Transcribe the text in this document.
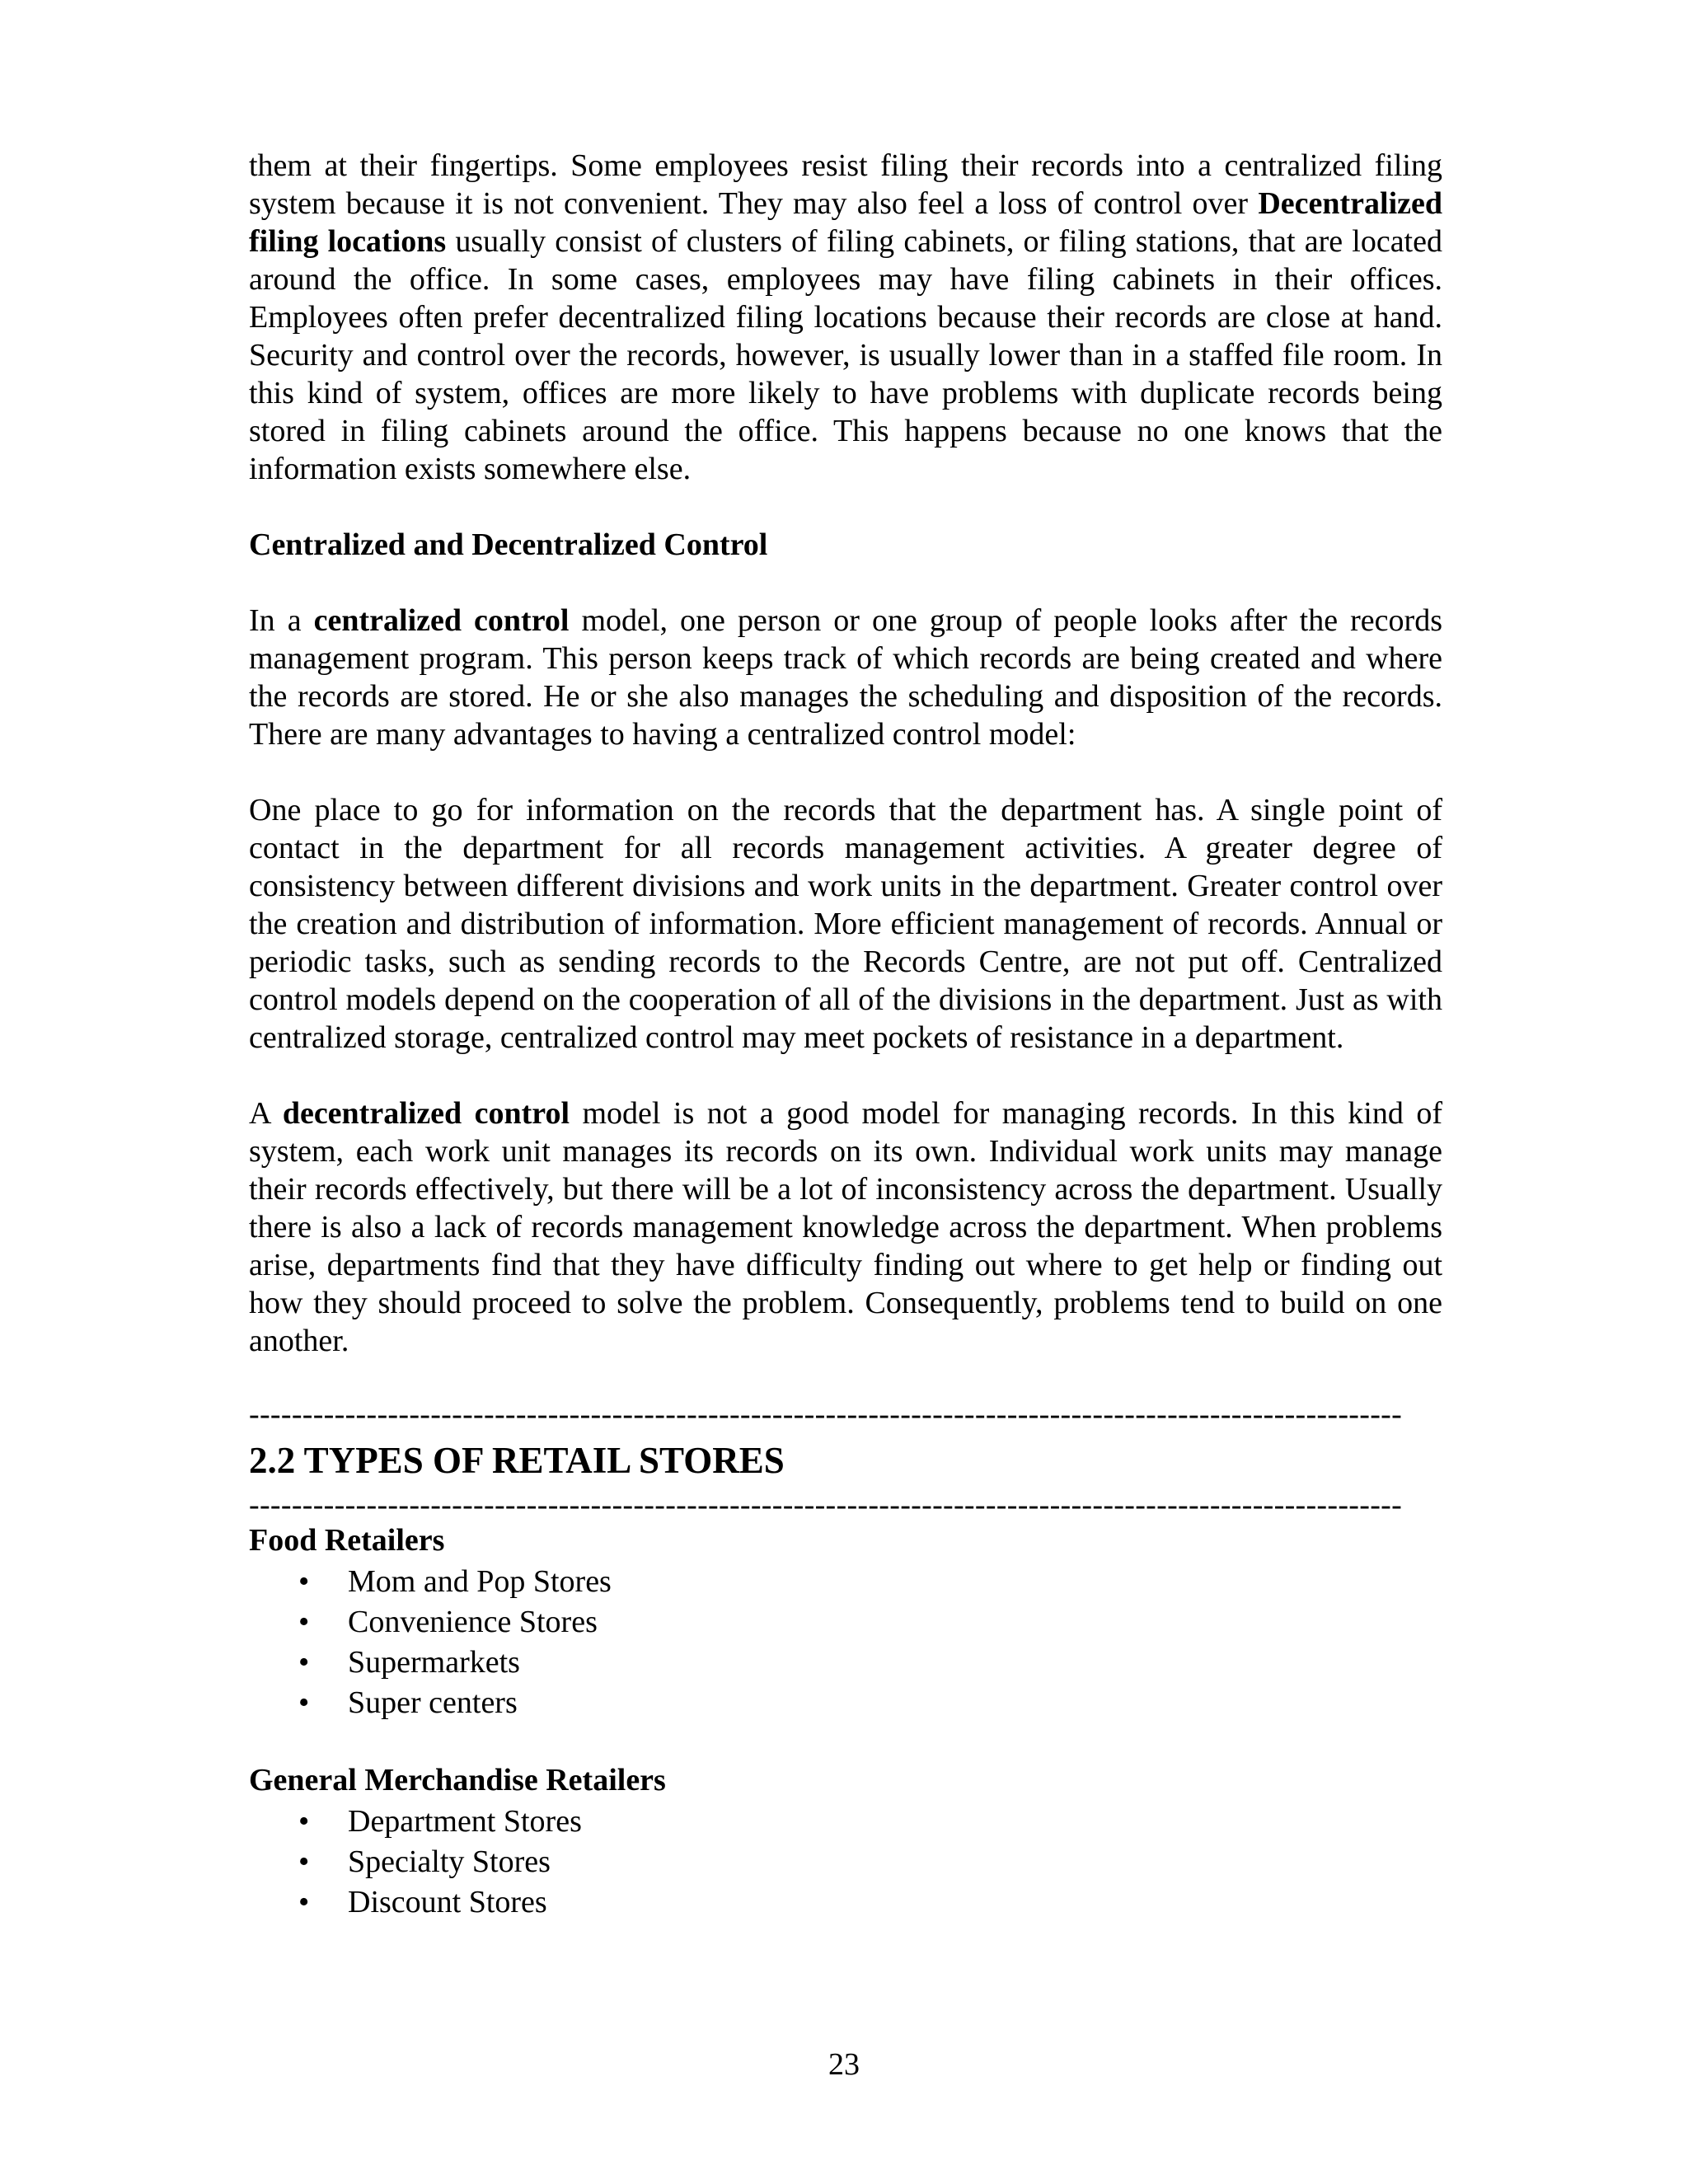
them at their fingertips. Some employees resist filing their records into a centralized filing system because it is not convenient. They may also feel a loss of control over Decentralized filing locations usually consist of clusters of filing cabinets, or filing stations, that are located around the office. In some cases, employees may have filing cabinets in their offices. Employees often prefer decentralized filing locations because their records are close at hand. Security and control over the records, however, is usually lower than in a staffed file room. In this kind of system, offices are more likely to have problems with duplicate records being stored in filing cabinets around the office. This happens because no one knows that the information exists somewhere else.

Centralized and Decentralized Control

In a centralized control model, one person or one group of people looks after the records management program. This person keeps track of which records are being created and where the records are stored. He or she also manages the scheduling and disposition of the records. There are many advantages to having a centralized control model:

One place to go for information on the records that the department has. A single point of contact in the department for all records management activities. A greater degree of consistency between different divisions and work units in the department. Greater control over the creation and distribution of information. More efficient management of records. Annual or periodic tasks, such as sending records to the Records Centre, are not put off. Centralized control models depend on the cooperation of all of the divisions in the department. Just as with centralized storage, centralized control may meet pockets of resistance in a department.

A decentralized control model is not a good model for managing records. In this kind of system, each work unit manages its records on its own. Individual work units may manage their records effectively, but there will be a lot of inconsistency across the department. Usually there is also a lack of records management knowledge across the department. When problems arise, departments find that they have difficulty finding out where to get help or finding out how they should proceed to solve the problem. Consequently, problems tend to build on one another.

------------------------------------------------------------------------------------------------------------
2.2 TYPES OF RETAIL STORES
------------------------------------------------------------------------------------------------------------
Food Retailers
• Mom and Pop Stores
• Convenience Stores
• Supermarkets
• Super centers
General Merchandise Retailers
• Department Stores
• Specialty Stores
• Discount Stores
23
